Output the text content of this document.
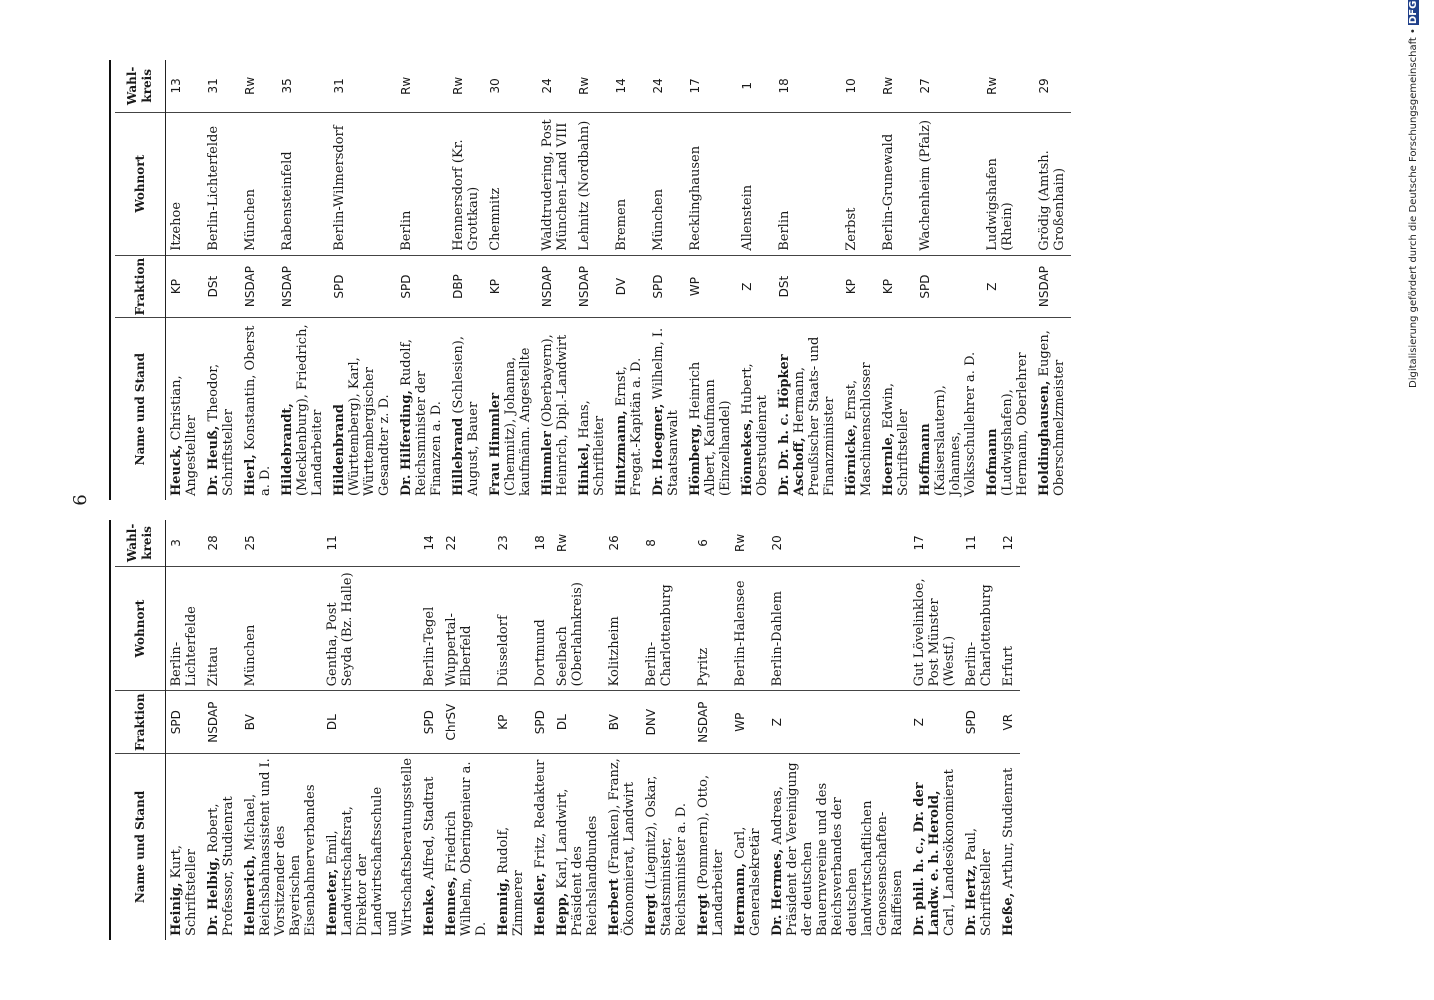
6
Name und Stand	Fraktion	Wohnort	Wahl-kreis
Heinig, Kurt, Schriftsteller	SPD	Berlin-Lichterfelde	3
Dr. Helbig, Robert, Professor, Studienrat	NSDAP	Zittau	28
Helmerich, Michael, Reichsbahnassistent und I. Vorsitzender des Bayerischen Eisenbahnerverbandes	BV	München	25
Hemeter, Emil, Landwirtschaftsrat, Direktor der Landwirtschaftsschule und Wirtschaftsberatungsstelle	DL	Gentha, Post Seyda (Bz. Halle)	11
Henke, Alfred, Stadtrat	SPD	Berlin-Tegel	14
Hennes, Friedrich Wilhelm, Oberingenieur a. D.	ChrSV	Wuppertal-Elberfeld	22
Hennig, Rudolf, Zimmerer	KP	Düsseldorf	23
Henßler, Fritz, Redakteur	SPD	Dortmund	18
Hepp, Karl, Landwirt, Präsident des Reichslandbundes	DL	Seelbach (Oberlahnkreis)	Rw
Herbert (Franken), Franz, Ökonomierat, Landwirt	BV	Kolitzheim	26
Hergt (Liegnitz), Oskar, Staatsminister, Reichsminister a. D.	DNV	Berlin-Charlottenburg	8
Hergt (Pommern), Otto, Landarbeiter	NSDAP	Pyritz	6
Hermann, Carl, Generalsekretär	WP	Berlin-Halensee	Rw
Dr. Hermes, Andreas, Präsident der Vereinigung der deutschen Bauernvereine und des Reichsverbandes der deutschen landwirtschaftlichen Genossenschaften-Raiffeisen	Z	Berlin-Dahlem	20
Dr. phil. h. c., Dr. der Landw. e. h. Herold, Carl, Landesökonomierat	Z	Gut Lövelinkloe, Post Münster (Westf.)	17
Dr. Hertz, Paul, Schriftsteller	SPD	Berlin-Charlottenburg	11
Heße, Arthur, Studienrat	VR	Erfurt	12
Name und Stand	Fraktion	Wohnort	Wahl-kreis
Heuck, Christian, Angestellter	KP	Itzehoe	13
Dr. Heuß, Theodor, Schriftsteller	DSt	Berlin-Lichterfelde	31
Hierl, Konstantin, Oberst a. D.	NSDAP	München	Rw
Hildebrandt, (Mecklenburg), Friedrich, Landarbeiter	NSDAP	Rabensteinfeld	35
Hildenbrand (Württemberg), Karl, Württembergischer Gesandter z. D.	SPD	Berlin-Wilmersdorf	31
Dr. Hilferding, Rudolf, Reichsminister der Finanzen a. D.	SPD	Berlin	Rw
Hillebrand (Schlesien), August, Bauer	DBP	Hennersdorf (Kr. Grottkau)	Rw
Frau Himmler (Chemnitz), Johanna, kaufmänn. Angestellte	KP	Chemnitz	30
Himmler (Oberbayern), Heinrich, Dipl.-Landwirt	NSDAP	Waldtrudering, Post München-Land VIII	24
Hinkel, Hans, Schriftleiter	NSDAP	Lehnitz (Nordbahn)	Rw
Hintzmann, Ernst, Fregat.-Kapitän a. D.	DV	Bremen	14
Dr. Hoegner, Wilhelm, I. Staatsanwalt	SPD	München	24
Hömberg, Heinrich Albert, Kaufmann (Einzelhandel)	WP	Recklinghausen	17
Hönnekes, Hubert, Oberstudienrat	Z	Allenstein	1
Dr. Dr. h. c. Höpker Aschoff, Hermann, Preußischer Staats- und Finanzminister	DSt	Berlin	18
Hörnicke, Ernst, Maschinenschlosser	KP	Zerbst	10
Hoernle, Edwin, Schriftsteller	KP	Berlin-Grunewald	Rw
Hoffmann (Kaiserslautern), Johannes, Volksschullehrer a. D.	SPD	Wachenheim (Pfalz)	27
Hofmann (Ludwigshafen), Hermann, Oberlehrer	Z	Ludwigshafen (Rhein)	Rw
Holdinghausen, Eugen, Oberschmelzmeister	NSDAP	Grödig (Amtsh. Großenhain)	29	Digitalisierung gefördert durch die Deutsche Forschungsgemeinschaft • DFG
